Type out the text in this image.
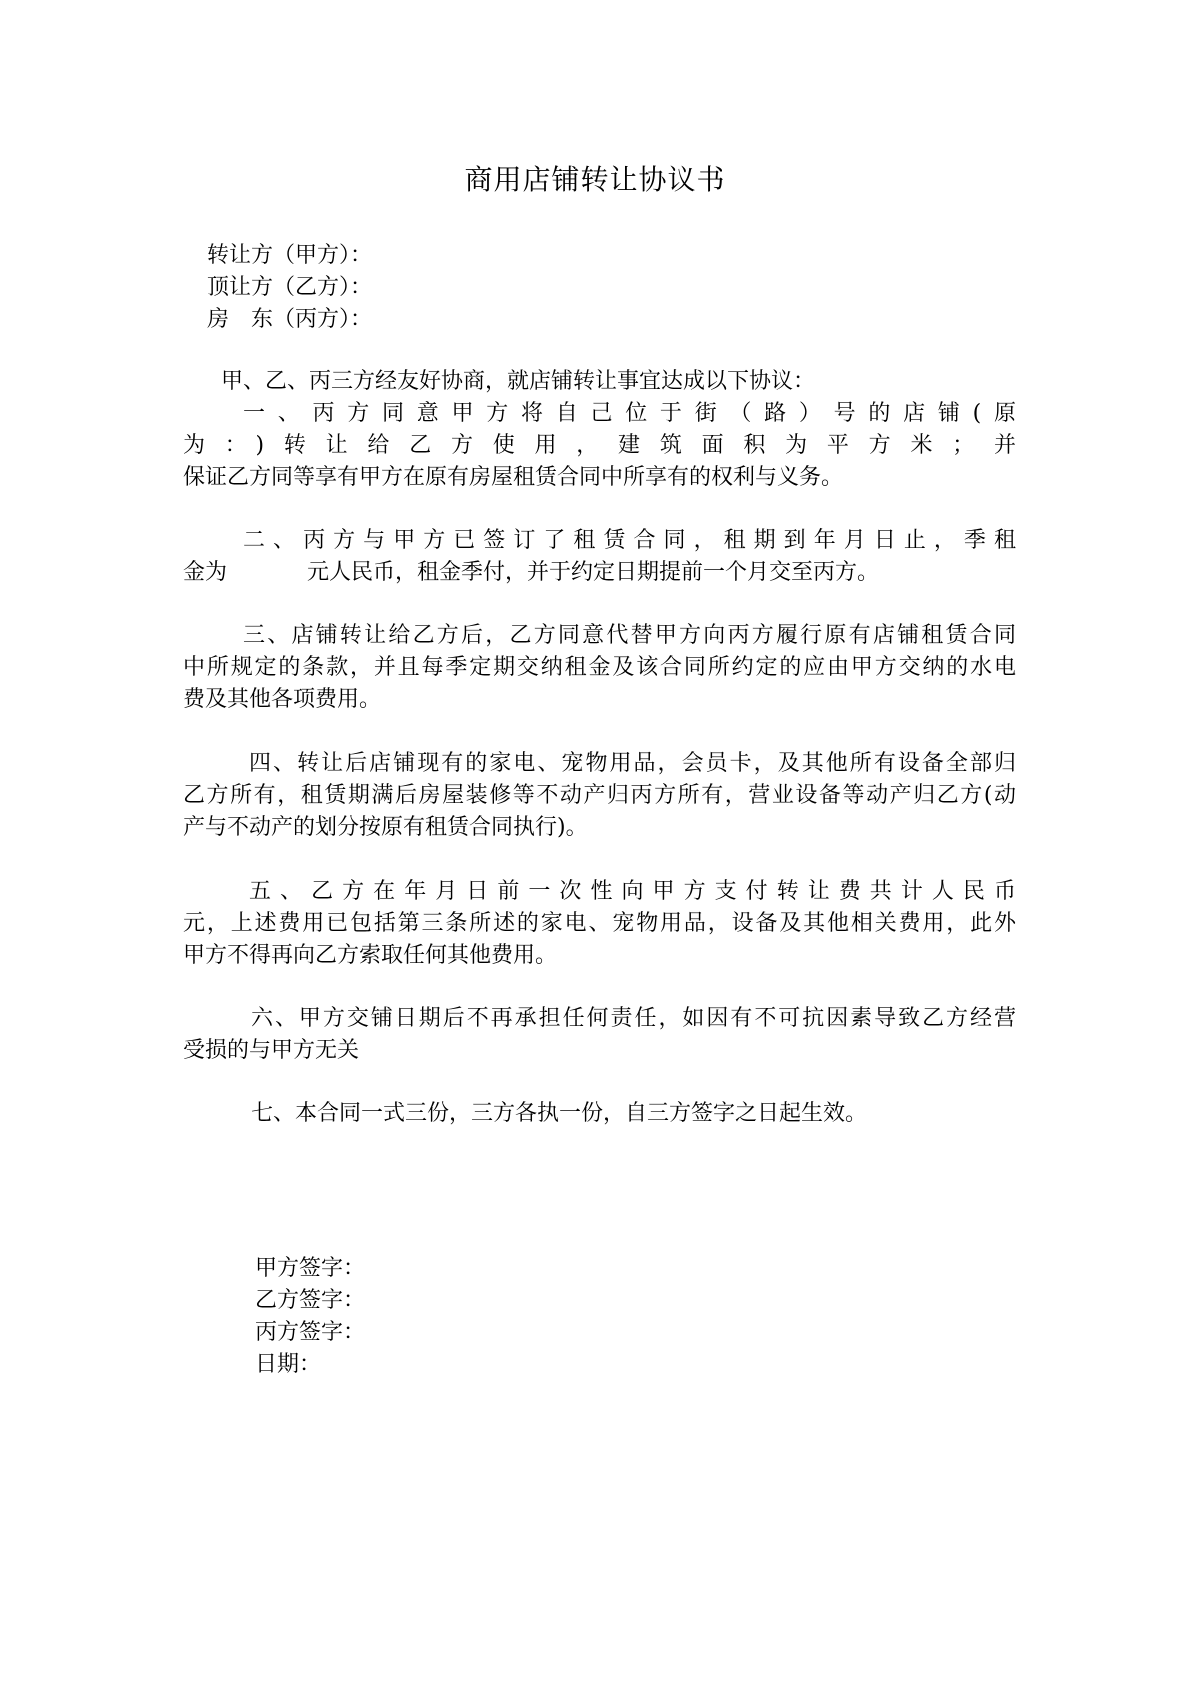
商用店铺转让协议书
转让方（甲方）：
顶让方（乙方）：
房　东（丙方）：
甲、乙、丙三方经友好协商，就店铺转让事宜达成以下协议：
一、丙方同意甲方将自己位于街（路）号的店铺(原
为：)转让给乙方使用，建筑面积为平方米；并
保证乙方同等享有甲方在原有房屋租赁合同中所享有的权利与义务。
二、丙方与甲方已签订了租赁合同，租期到年月日止，季租
金为	元人民币，租金季付，并于约定日期提前一个月交至丙方。
三、店铺转让给乙方后，乙方同意代替甲方向丙方履行原有店铺租赁合同
中所规定的条款，并且每季定期交纳租金及该合同所约定的应由甲方交纳的水电
费及其他各项费用。
四、转让后店铺现有的家电、宠物用品，会员卡，及其他所有设备全部归
乙方所有，租赁期满后房屋装修等不动产归丙方所有，营业设备等动产归乙方(动
产与不动产的划分按原有租赁合同执行)。
五、乙方在年月日前一次性向甲方支付转让费共计人民币
元，上述费用已包括第三条所述的家电、宠物用品，设备及其他相关费用，此外
甲方不得再向乙方索取任何其他费用。
六、甲方交铺日期后不再承担任何责任，如因有不可抗因素导致乙方经营
受损的与甲方无关
七、本合同一式三份，三方各执一份，自三方签字之日起生效。
甲方签字：
乙方签字：
丙方签字：
日期：
